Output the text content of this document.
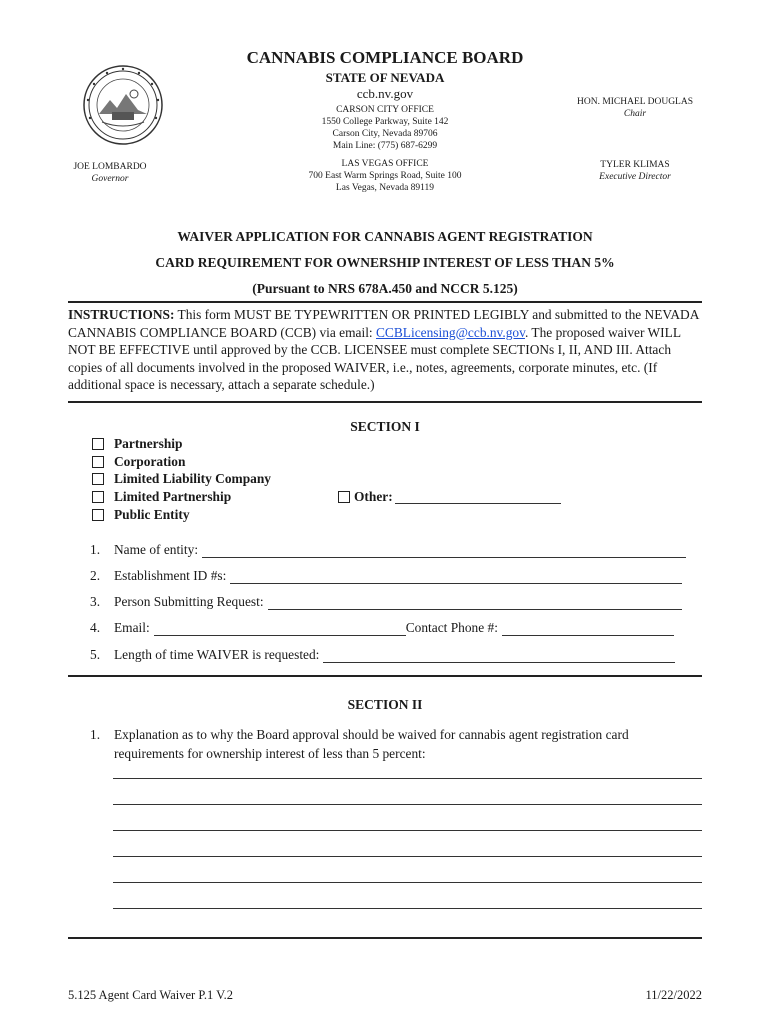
CANNABIS COMPLIANCE BOARD
STATE OF NEVADA
ccb.nv.gov
CARSON CITY OFFICE
1550 College Parkway, Suite 142
Carson City, Nevada 89706
Main Line: (775) 687-6299
LAS VEGAS OFFICE
700 East Warm Springs Road, Suite 100
Las Vegas, Nevada 89119
HON. MICHAEL DOUGLAS
Chair
JOE LOMBARDO
Governor
TYLER KLIMAS
Executive Director
WAIVER APPLICATION FOR CANNABIS AGENT REGISTRATION
CARD REQUIREMENT FOR OWNERSHIP INTEREST OF LESS THAN 5%
(Pursuant to NRS 678A.450 and NCCR 5.125)
INSTRUCTIONS: This form MUST BE TYPEWRITTEN OR PRINTED LEGIBLY and submitted to the NEVADA CANNABIS COMPLIANCE BOARD (CCB) via email: CCBLicensing@ccb.nv.gov. The proposed waiver WILL NOT BE EFFECTIVE until approved by the CCB. LICENSEE must complete SECTIONs I, II, AND III. Attach copies of all documents involved in the proposed WAIVER, i.e., notes, agreements, corporate minutes, etc. (If additional space is necessary, attach a separate schedule.)
SECTION I
Partnership
Corporation
Limited Liability Company
Limited Partnership
Public Entity
Other:
1.	Name of entity:
2.	Establishment ID #s:
3.	Person Submitting Request:
4.	Email:	Contact Phone #:
5.	Length of time WAIVER is requested:
SECTION II
1. Explanation as to why the Board approval should be waived for cannabis agent registration card
requirements for ownership interest of less than 5 percent:
5.125 Agent Card Waiver P.1 V.2	11/22/2022
